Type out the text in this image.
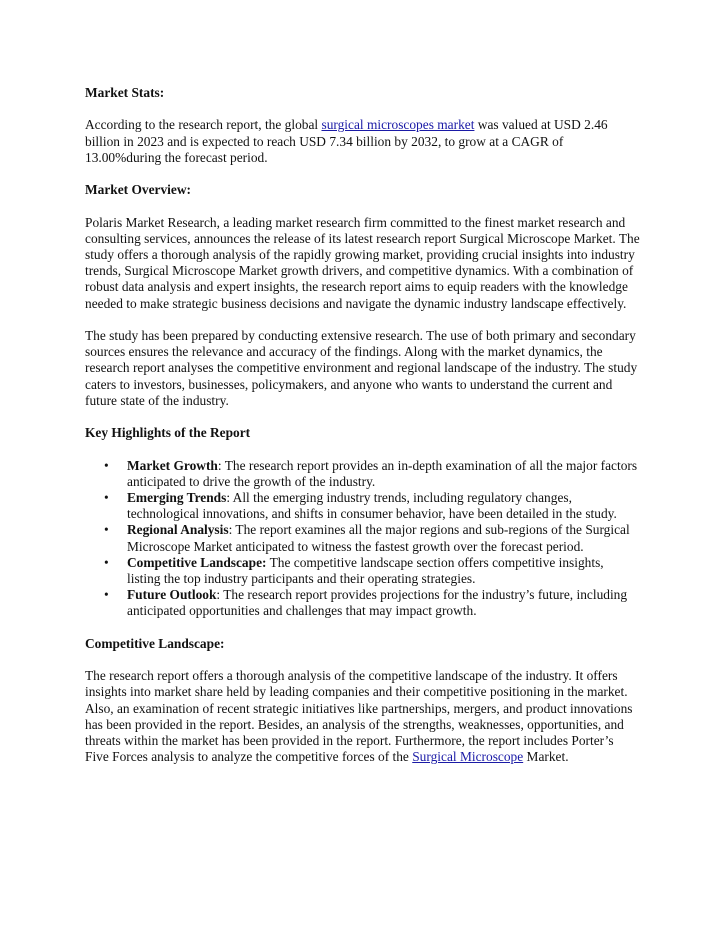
Market Stats:

According to the research report, the global surgical microscopes market was valued at USD 2.46 billion in 2023 and is expected to reach USD 7.34 billion by 2032, to grow at a CAGR of 13.00%during the forecast period.

Market Overview:

Polaris Market Research, a leading market research firm committed to the finest market research and consulting services, announces the release of its latest research report Surgical Microscope Market. The study offers a thorough analysis of the rapidly growing market, providing crucial insights into industry trends, Surgical Microscope Market growth drivers, and competitive dynamics. With a combination of robust data analysis and expert insights, the research report aims to equip readers with the knowledge needed to make strategic business decisions and navigate the dynamic industry landscape effectively.

The study has been prepared by conducting extensive research. The use of both primary and secondary sources ensures the relevance and accuracy of the findings. Along with the market dynamics, the research report analyses the competitive environment and regional landscape of the industry. The study caters to investors, businesses, policymakers, and anyone who wants to understand the current and future state of the industry.

Key Highlights of the Report
• Market Growth: The research report provides an in-depth examination of all the major factors anticipated to drive the growth of the industry.
• Emerging Trends: All the emerging industry trends, including regulatory changes, technological innovations, and shifts in consumer behavior, have been detailed in the study.
• Regional Analysis: The report examines all the major regions and sub-regions of the Surgical Microscope Market anticipated to witness the fastest growth over the forecast period.
• Competitive Landscape: The competitive landscape section offers competitive insights, listing the top industry participants and their operating strategies.
• Future Outlook: The research report provides projections for the industry’s future, including anticipated opportunities and challenges that may impact growth.
Competitive Landscape:

The research report offers a thorough analysis of the competitive landscape of the industry. It offers insights into market share held by leading companies and their competitive positioning in the market. Also, an examination of recent strategic initiatives like partnerships, mergers, and product innovations has been provided in the report. Besides, an analysis of the strengths, weaknesses, opportunities, and threats within the market has been provided in the report. Furthermore, the report includes Porter’s Five Forces analysis to analyze the competitive forces of the Surgical Microscope Market.
